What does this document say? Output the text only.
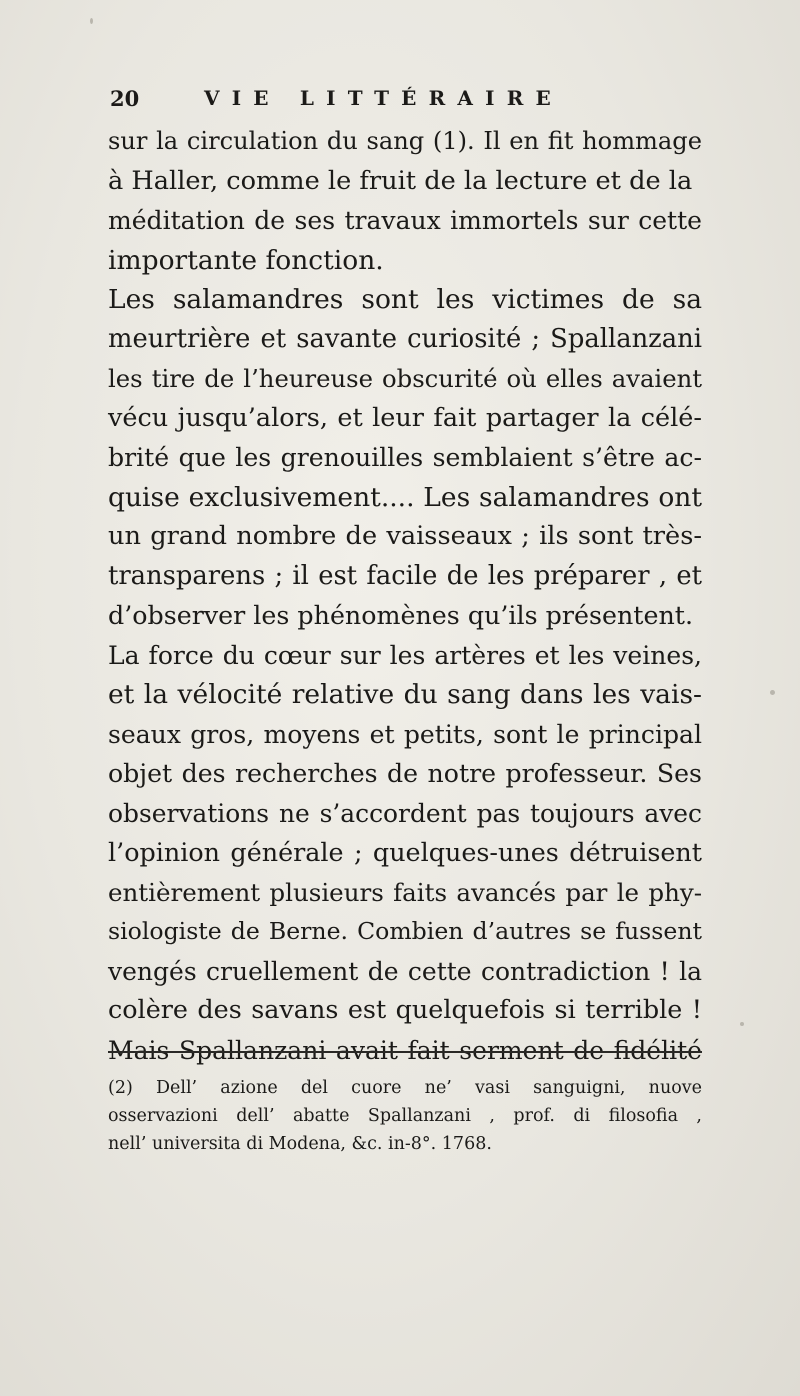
20	VIE LITTÉRAIRE
sur la circulation du sang (1). Il en fit hommage
à Haller, comme le fruit de la lecture et de la
méditation de ses travaux immortels sur cette
importante fonction.
Les salamandres sont les victimes de sa
meurtrière et savante curiosité ; Spallanzani
les tire de l’heureuse obscurité où elles avaient
vécu jusqu’alors, et leur fait partager la célé-
brité que les grenouilles semblaient s’être ac-
quise exclusivement.... Les salamandres ont
un grand nombre de vaisseaux ; ils sont très-
transparens ; il est facile de les préparer , et
d’observer les phénomènes qu’ils présentent.
La force du cœur sur les artères et les veines,
et la vélocité relative du sang dans les vais-
seaux gros, moyens et petits, sont le principal
objet des recherches de notre professeur. Ses
observations ne s’accordent pas toujours avec
l’opinion générale ; quelques-unes détruisent
entièrement plusieurs faits avancés par le phy-
siologiste de Berne. Combien d’autres se fussent
vengés cruellement de cette contradiction ! la
colère des savans est quelquefois si terrible !
Mais Spallanzani avait fait serment de fidélité
(2) Dell’ azione del cuore ne’ vasi sanguigni, nuove
osservazioni dell’ abatte Spallanzani , prof. di filosofia ,
nell’ universita di Modena, &c. in-8°. 1768.
